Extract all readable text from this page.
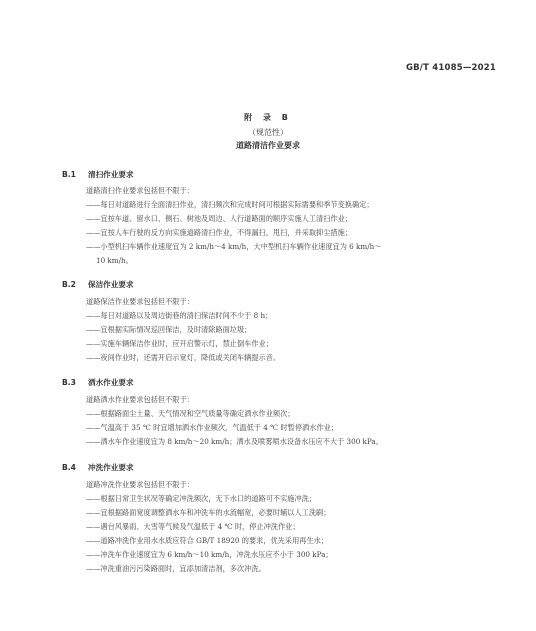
GB/T 41085—2021
附 录 B
（规范性）
道路清洁作业要求
B.1 清扫作业要求
道路清扫作业要求包括但不限于：
——每日对道路进行全面清扫作业，清扫频次和完成时间可根据实际需要和季节变换确定；
——宜按车道、留水口、侧石、树池及周边、人行道路面的顺序实施人工清扫作业；
——宜按人车行驶的反方向实施道路清扫作业，不得漏扫，甩扫，并采取抑尘措施；
——小型机扫车辆作业速度宜为 2 km/h～4 km/h，大中型机扫车辆作业速度宜为 6 km/h～
10 km/h。
B.2 保洁作业要求
道路保洁作业要求包括但不限于：
——每日对道路以及周边街巷的清扫保洁时间不少于 8 h；
——宜根据实际情况巡回保洁，及时清除路面垃圾；
——实施车辆保洁作业时，应开启警示灯，禁止倒车作业；
——夜间作业时，还需开启示宽灯，降低或关闭车辆提示音。
B.3 洒水作业要求
道路洒水作业要求包括但不限于：
——根据路面尘土量、天气情况和空气质量等确定洒水作业频次；
——气温高于 35 ℃ 时宜增加洒水作业频次，气温低于 4 ℃ 时暂停洒水作业；
——洒水车作业速度宜为 8 km/h～20 km/h；洒水及喷雾喷水设备水压应不大于 300 kPa。
B.4 冲洗作业要求
道路冲洗作业要求包括但不限于：
——根据日常卫生状况等确定冲洗频次，无下水口的道路可不实施冲洗；
——宜根据路面宽度调整洒水车和冲洗车的水流幅宽，必要时辅以人工洗刷；
——遇台风暴雨、大雪等气候及气温低于 4 ℃ 时，停止冲洗作业；
——道路冲洗作业用水水质应符合 GB/T 18920 的要求，优先采用再生水；
——冲洗车作业速度宜为 6 km/h～10 km/h，冲洗水压应不小于 300 kPa；
——冲洗重油污污染路面时，宜添加清洁剂，多次冲洗。
